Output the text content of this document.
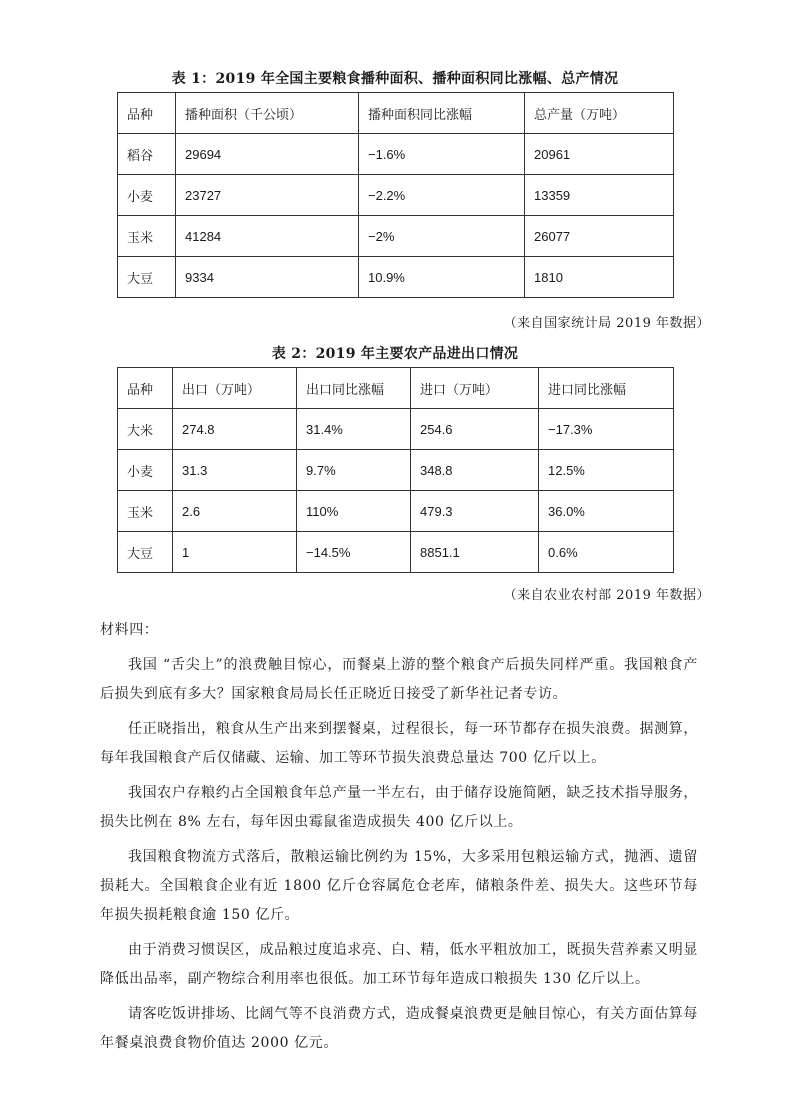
表 1：2019 年全国主要粮食播种面积、播种面积同比涨幅、总产情况
品种	播种面积（千公顷）	播种面积同比涨幅	总产量（万吨）
稻谷	29694	−1.6%	20961
小麦	23727	−2.2%	13359
玉米	41284	−2%	26077
大豆	9334	10.9%	1810
（来自国家统计局 2019 年数据）
表 2：2019 年主要农产品进出口情况
品种	出口（万吨）	出口同比涨幅	进口（万吨）	进口同比涨幅
大米	274.8	31.4%	254.6	−17.3%
小麦	31.3	9.7%	348.8	12.5%
玉米	2.6	110%	479.3	36.0%
大豆	1	−14.5%	8851.1	0.6%
（来自农业农村部 2019 年数据）

材料四：

我国 “舌尖上”的浪费触目惊心，而餐桌上游的整个粮食产后损失同样严重。我国粮食产后损失到底有多大？国家粮食局局长任正晓近日接受了新华社记者专访。

任正晓指出，粮食从生产出来到摆餐桌，过程很长，每一环节都存在损失浪费。据测算，每年我国粮食产后仅储藏、运输、加工等环节损失浪费总量达 700 亿斤以上。

我国农户存粮约占全国粮食年总产量一半左右，由于储存设施简陋，缺乏技术指导服务，损失比例在 8% 左右，每年因虫霉鼠雀造成损失 400 亿斤以上。

我国粮食物流方式落后，散粮运输比例约为 15%，大多采用包粮运输方式，抛洒、遗留损耗大。全国粮食企业有近 1800 亿斤仓容属危仓老库，储粮条件差、损失大。这些环节每年损失损耗粮食逾 150 亿斤。

由于消费习惯误区，成品粮过度追求亮、白、精，低水平粗放加工，既损失营养素又明显降低出品率，副产物综合利用率也很低。加工环节每年造成口粮损失 130 亿斤以上。

请客吃饭讲排场、比阔气等不良消费方式，造成餐桌浪费更是触目惊心，有关方面估算每年餐桌浪费食物价值达 2000 亿元。
